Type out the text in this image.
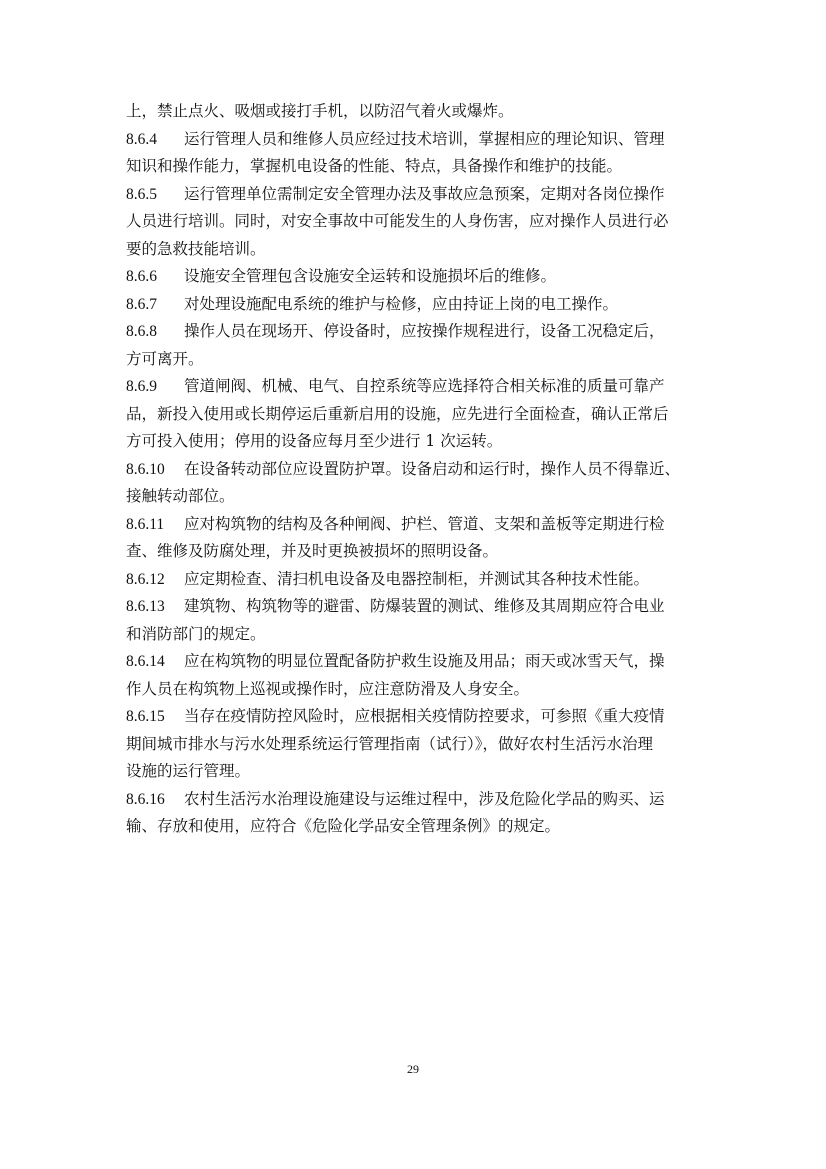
上，禁止点火、吸烟或接打手机，以防沼气着火或爆炸。
8.6.4 运行管理人员和维修人员应经过技术培训，掌握相应的理论知识、管理
知识和操作能力，掌握机电设备的性能、特点，具备操作和维护的技能。
8.6.5 运行管理单位需制定安全管理办法及事故应急预案，定期对各岗位操作
人员进行培训。同时，对安全事故中可能发生的人身伤害，应对操作人员进行必
要的急救技能培训。
8.6.6 设施安全管理包含设施安全运转和设施损坏后的维修。
8.6.7 对处理设施配电系统的维护与检修，应由持证上岗的电工操作。
8.6.8 操作人员在现场开、停设备时，应按操作规程进行，设备工况稳定后，
方可离开。
8.6.9 管道闸阀、机械、电气、自控系统等应选择符合相关标准的质量可靠产
品，新投入使用或长期停运后重新启用的设施，应先进行全面检查，确认正常后
方可投入使用；停用的设备应每月至少进行 1 次运转。
8.6.10 在设备转动部位应设置防护罩。设备启动和运行时，操作人员不得靠近、
接触转动部位。
8.6.11 应对构筑物的结构及各种闸阀、护栏、管道、支架和盖板等定期进行检
查、维修及防腐处理，并及时更换被损坏的照明设备。
8.6.12 应定期检查、清扫机电设备及电器控制柜，并测试其各种技术性能。
8.6.13 建筑物、构筑物等的避雷、防爆装置的测试、维修及其周期应符合电业
和消防部门的规定。
8.6.14 应在构筑物的明显位置配备防护救生设施及用品；雨天或冰雪天气，操
作人员在构筑物上巡视或操作时，应注意防滑及人身安全。
8.6.15 当存在疫情防控风险时，应根据相关疫情防控要求，可参照《重大疫情
期间城市排水与污水处理系统运行管理指南（试行）》，做好农村生活污水治理
设施的运行管理。
8.6.16 农村生活污水治理设施建设与运维过程中，涉及危险化学品的购买、运
输、存放和使用，应符合《危险化学品安全管理条例》的规定。
29
